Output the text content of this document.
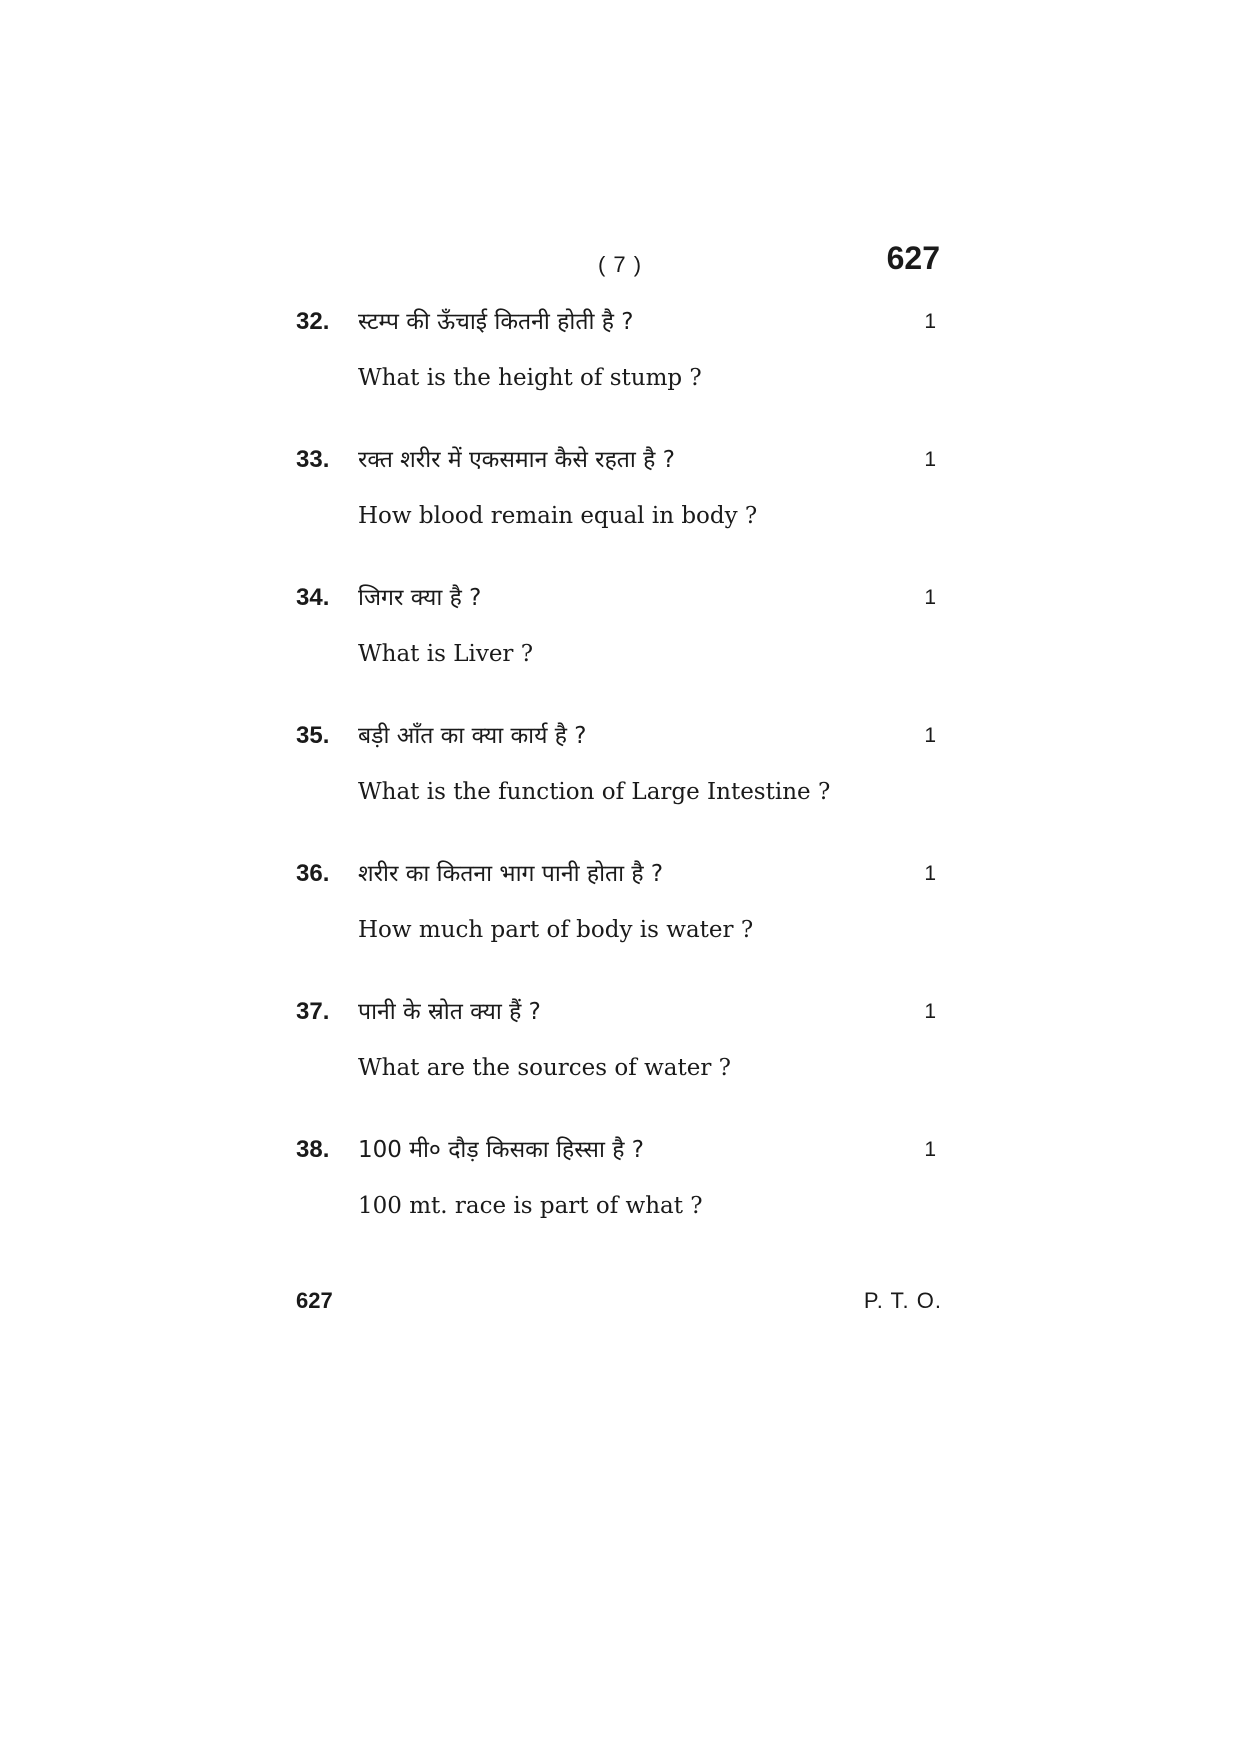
( 7 )	627
32. स्टम्प की ऊँचाई कितनी होती है ?	1
What is the height of stump ?
33. रक्त शरीर में एकसमान कैसे रहता है ?	1
How blood remain equal in body ?
34. जिगर क्या है ?	1
What is Liver ?
35. बड़ी आँत का क्या कार्य है ?	1
What is the function of Large Intestine ?
36. शरीर का कितना भाग पानी होता है ?	1
How much part of body is water ?
37. पानी के स्रोत क्या हैं ?	1
What are the sources of water ?
38. 100 मी० दौड़ किसका हिस्सा है ?	1
100 mt. race is part of what ?
627	P. T. O.
